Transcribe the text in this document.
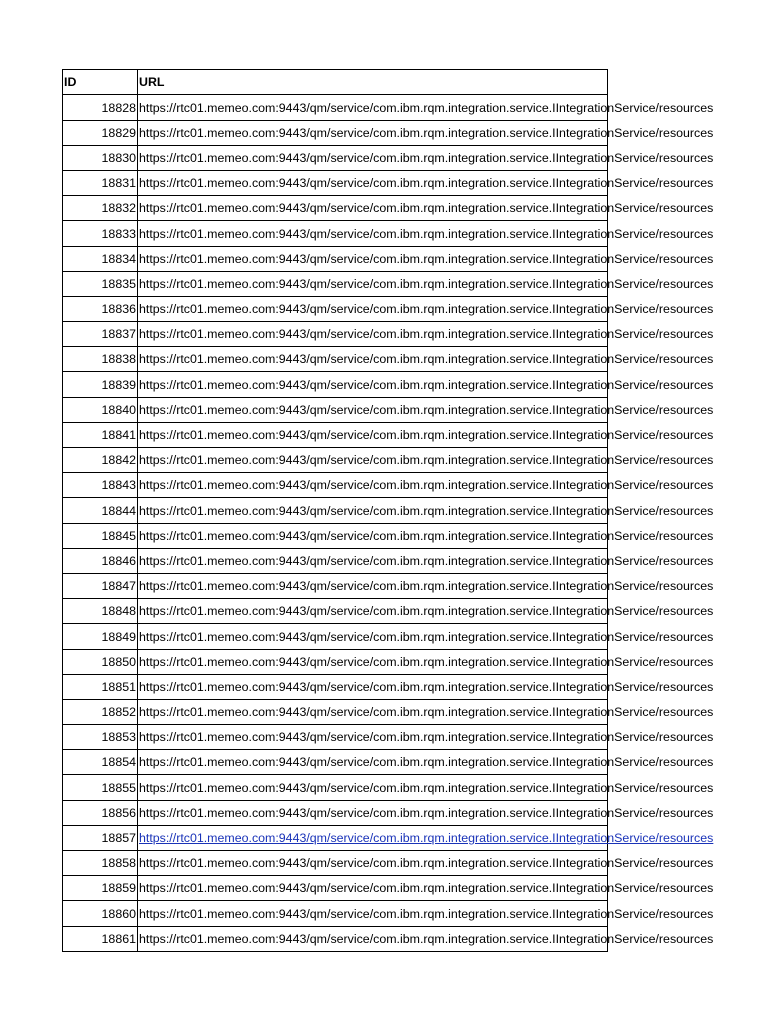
ID	URL
18828	https://rtc01.memeo.com:9443/qm/service/com.ibm.rqm.integration.service.IIntegrationService/resources
18829	https://rtc01.memeo.com:9443/qm/service/com.ibm.rqm.integration.service.IIntegrationService/resources
18830	https://rtc01.memeo.com:9443/qm/service/com.ibm.rqm.integration.service.IIntegrationService/resources
18831	https://rtc01.memeo.com:9443/qm/service/com.ibm.rqm.integration.service.IIntegrationService/resources
18832	https://rtc01.memeo.com:9443/qm/service/com.ibm.rqm.integration.service.IIntegrationService/resources
18833	https://rtc01.memeo.com:9443/qm/service/com.ibm.rqm.integration.service.IIntegrationService/resources
18834	https://rtc01.memeo.com:9443/qm/service/com.ibm.rqm.integration.service.IIntegrationService/resources
18835	https://rtc01.memeo.com:9443/qm/service/com.ibm.rqm.integration.service.IIntegrationService/resources
18836	https://rtc01.memeo.com:9443/qm/service/com.ibm.rqm.integration.service.IIntegrationService/resources
18837	https://rtc01.memeo.com:9443/qm/service/com.ibm.rqm.integration.service.IIntegrationService/resources
18838	https://rtc01.memeo.com:9443/qm/service/com.ibm.rqm.integration.service.IIntegrationService/resources
18839	https://rtc01.memeo.com:9443/qm/service/com.ibm.rqm.integration.service.IIntegrationService/resources
18840	https://rtc01.memeo.com:9443/qm/service/com.ibm.rqm.integration.service.IIntegrationService/resources
18841	https://rtc01.memeo.com:9443/qm/service/com.ibm.rqm.integration.service.IIntegrationService/resources
18842	https://rtc01.memeo.com:9443/qm/service/com.ibm.rqm.integration.service.IIntegrationService/resources
18843	https://rtc01.memeo.com:9443/qm/service/com.ibm.rqm.integration.service.IIntegrationService/resources
18844	https://rtc01.memeo.com:9443/qm/service/com.ibm.rqm.integration.service.IIntegrationService/resources
18845	https://rtc01.memeo.com:9443/qm/service/com.ibm.rqm.integration.service.IIntegrationService/resources
18846	https://rtc01.memeo.com:9443/qm/service/com.ibm.rqm.integration.service.IIntegrationService/resources
18847	https://rtc01.memeo.com:9443/qm/service/com.ibm.rqm.integration.service.IIntegrationService/resources
18848	https://rtc01.memeo.com:9443/qm/service/com.ibm.rqm.integration.service.IIntegrationService/resources
18849	https://rtc01.memeo.com:9443/qm/service/com.ibm.rqm.integration.service.IIntegrationService/resources
18850	https://rtc01.memeo.com:9443/qm/service/com.ibm.rqm.integration.service.IIntegrationService/resources
18851	https://rtc01.memeo.com:9443/qm/service/com.ibm.rqm.integration.service.IIntegrationService/resources
18852	https://rtc01.memeo.com:9443/qm/service/com.ibm.rqm.integration.service.IIntegrationService/resources
18853	https://rtc01.memeo.com:9443/qm/service/com.ibm.rqm.integration.service.IIntegrationService/resources
18854	https://rtc01.memeo.com:9443/qm/service/com.ibm.rqm.integration.service.IIntegrationService/resources
18855	https://rtc01.memeo.com:9443/qm/service/com.ibm.rqm.integration.service.IIntegrationService/resources
18856	https://rtc01.memeo.com:9443/qm/service/com.ibm.rqm.integration.service.IIntegrationService/resources
18857	https://rtc01.memeo.com:9443/qm/service/com.ibm.rqm.integration.service.IIntegrationService/resources
18858	https://rtc01.memeo.com:9443/qm/service/com.ibm.rqm.integration.service.IIntegrationService/resources
18859	https://rtc01.memeo.com:9443/qm/service/com.ibm.rqm.integration.service.IIntegrationService/resources
18860	https://rtc01.memeo.com:9443/qm/service/com.ibm.rqm.integration.service.IIntegrationService/resources
18861	https://rtc01.memeo.com:9443/qm/service/com.ibm.rqm.integration.service.IIntegrationService/resources
